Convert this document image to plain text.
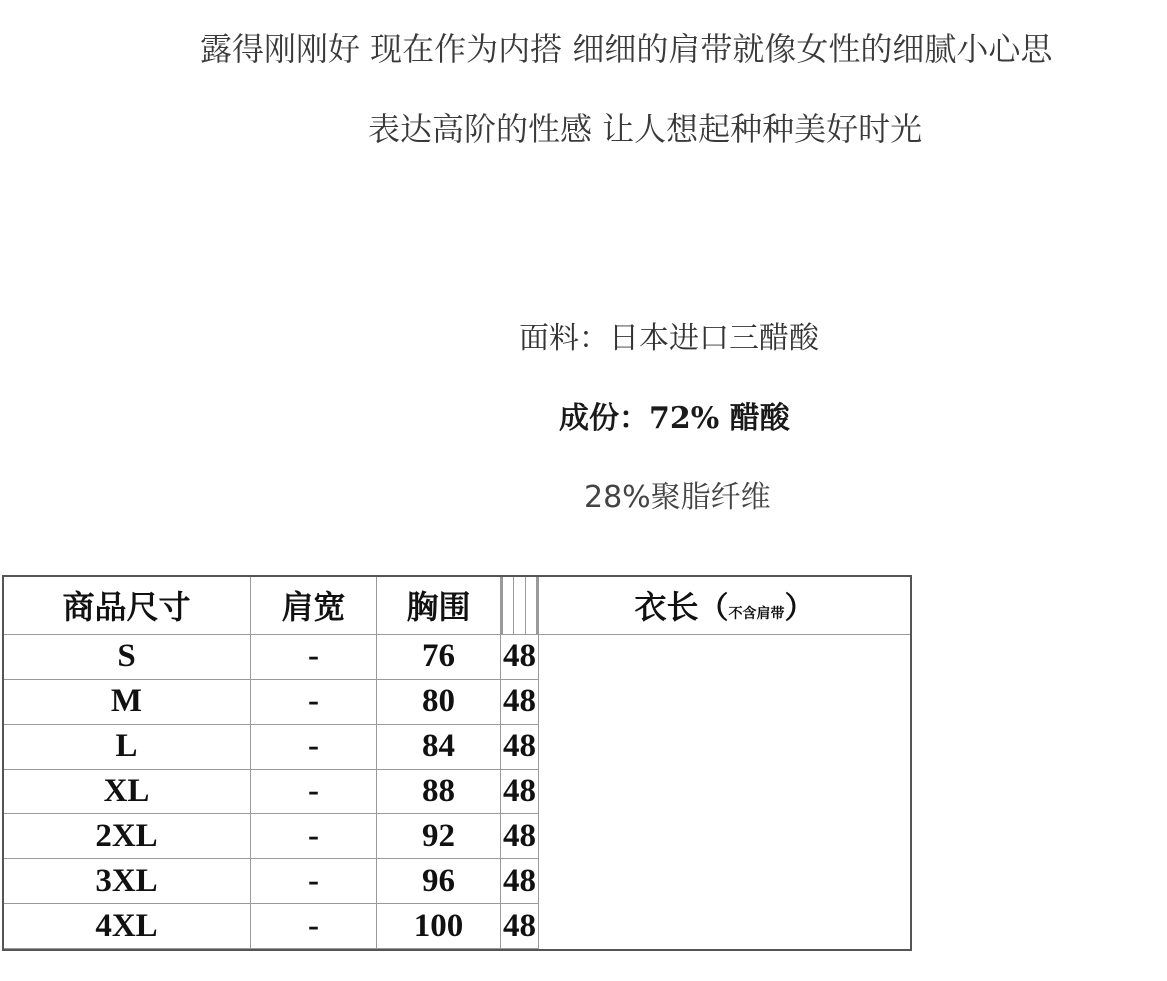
露得刚刚好 现在作为内搭 细细的肩带就像女性的细腻小心思
表达高阶的性感 让人想起种种美好时光
面料：日本进口三醋酸
成份：72% 醋酸
28%聚脂纤维
商品尺寸	肩宽	胸围		衣长（不含肩带）
S	-	76	48	
M	-	80	48	
L	-	84	48	
XL	-	88	48	
2XL	-	92	48	
3XL	-	96	48	
4XL	-	100	48	
